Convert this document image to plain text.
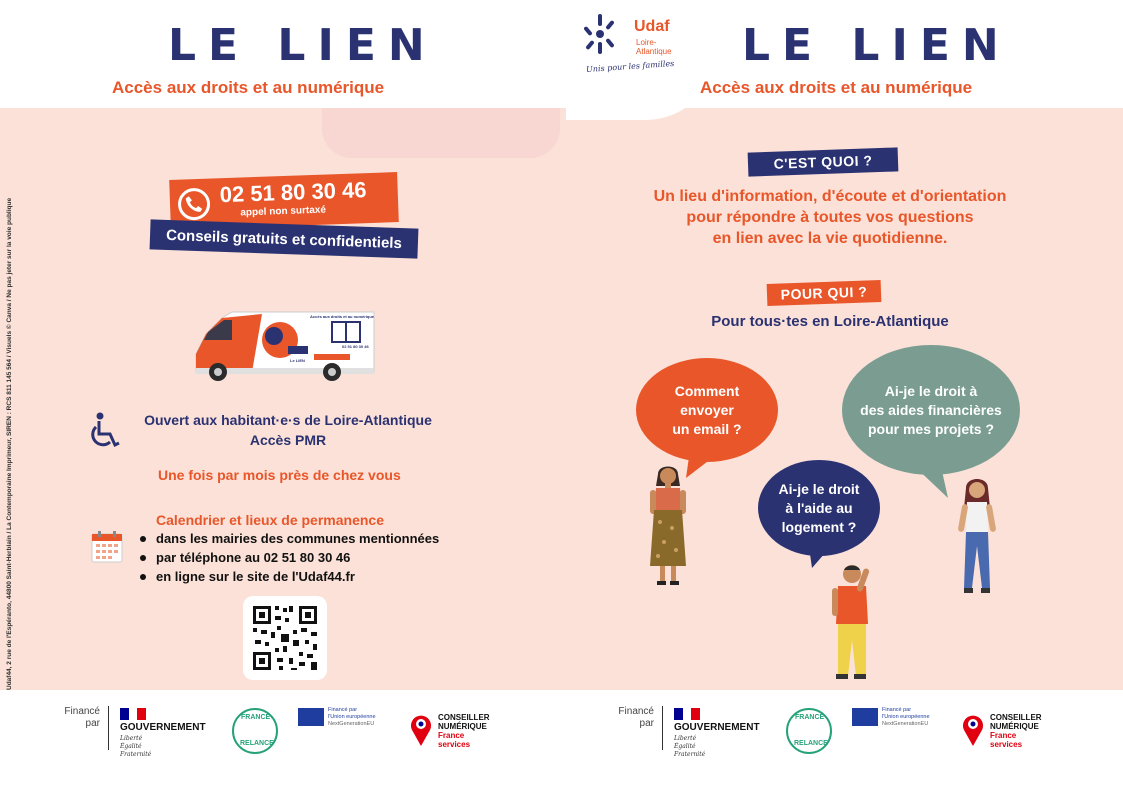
LE LIEN
Accès aux droits et au numérique
Udaf
Loire-
Atlantique
Unis pour les familles LE LIEN
Accès aux droits et au numérique
Udaf44, 2 rue de l'Espéranto, 44800 Saint-Herblain / La Contemporaine Imprimeur, SIREN : RCS 811 145 564 / Visuels © Canva / Ne pas jeter sur la voie publique
02 51 80 30 46
appel non surtaxé
Conseils gratuits et confidentiels
Accès aux droits et au numérique
02 51 80 30 46
Le LIEN
Ouvert aux habitant·e·s de Loire-Atlantique
Accès PMR
Une fois par mois près de chez vous
Calendrier et lieux de permanence
dans les mairies des communes mentionnées
par téléphone au 02 51 80 30 46
en ligne sur le site de l'Udaf44.fr
C'EST QUOI ?
Un lieu d'information, d'écoute et d'orientation
pour répondre à toutes vos questions
en lien avec la vie quotidienne.
POUR QUI ?
Pour tous·tes en Loire-Atlantique
Comment
envoyer
un email ?
Ai-je le droit à
des aides financières
pour mes projets ?
Ai-je le droit
à l'aide au
logement ?
Financé
par GOUVERNEMENT
Liberté
Égalité
Fraternité
FRANCE
RELANCE
Financé par
l'Union européenne
NextGenerationEU
CONSEILLER
NUMÉRIQUE
France
services
Financé
par GOUVERNEMENT
Liberté
Égalité
Fraternité
FRANCE
RELANCE
Financé par
l'Union européenne
NextGenerationEU
CONSEILLER
NUMÉRIQUE
France
services
